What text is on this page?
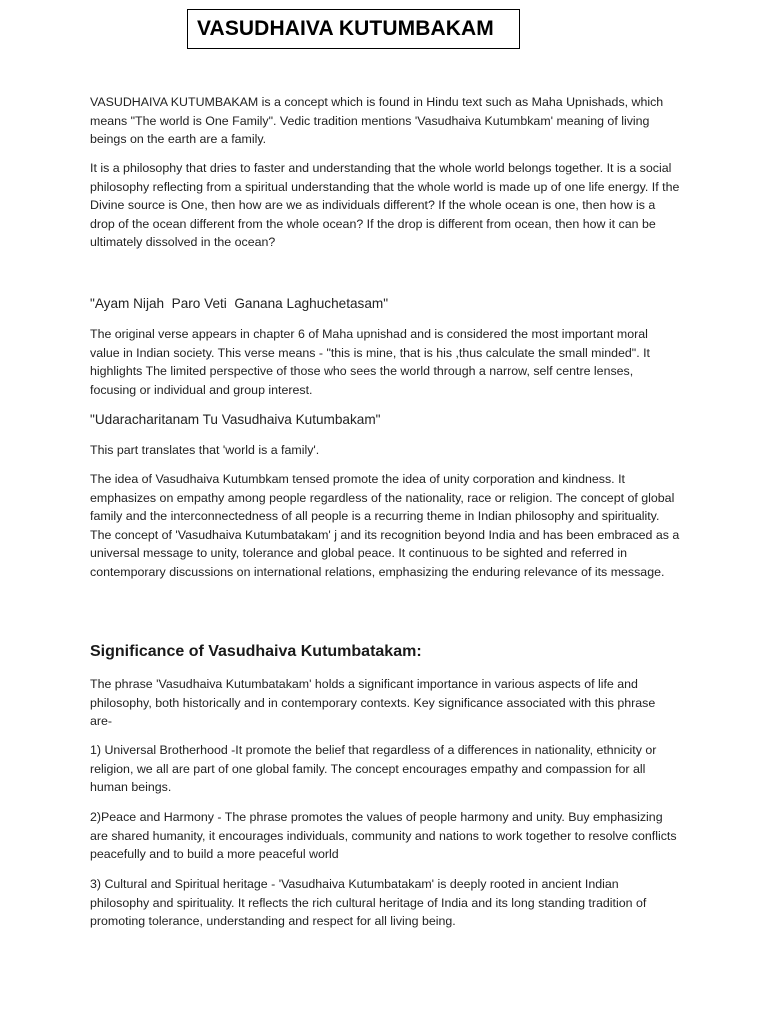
VASUDHAIVA KUTUMBAKAM

VASUDHAIVA KUTUMBAKAM is a concept which is found in Hindu text such as Maha Upnishads, which means "The world is One Family". Vedic tradition mentions 'Vasudhaiva Kutumbkam' meaning of living beings on the earth are a family.

It is a philosophy that dries to faster and understanding that the whole world belongs together. It is a social philosophy reflecting from a spiritual understanding that the whole world is made up of one life energy. If the Divine source is One, then how are we as individuals different? If the whole ocean is one, then how is a drop of the ocean different from the whole ocean? If the drop is different from ocean, then how it can be ultimately dissolved in the ocean?

"Ayam Nijah  Paro Veti  Ganana Laghuchetasam"

The original verse appears in chapter 6 of Maha upnishad and is considered the most important moral value in Indian society. This verse means - "this is mine, that is his ,thus calculate the small minded". It highlights The limited perspective of those who sees the world through a narrow, self centre lenses, focusing or individual and group interest.

"Udaracharitanam Tu Vasudhaiva Kutumbakam"

This part translates that 'world is a family'.

The idea of Vasudhaiva Kutumbkam tensed promote the idea of unity corporation and kindness. It emphasizes on empathy among people regardless of the nationality, race or religion. The concept of global family and the interconnectedness of all people is a recurring theme in Indian philosophy and spirituality. The concept of 'Vasudhaiva Kutumbatakam' j and its recognition beyond India and has been embraced as a universal message to unity, tolerance and global peace. It continuous to be sighted and referred in contemporary discussions on international relations, emphasizing the enduring relevance of its message.

Significance of Vasudhaiva Kutumbatakam:

The phrase 'Vasudhaiva Kutumbatakam' holds a significant importance in various aspects of life and philosophy, both historically and in contemporary contexts. Key significance associated with this phrase are-

1) Universal Brotherhood -It promote the belief that regardless of a differences in nationality, ethnicity or religion, we all are part of one global family. The concept encourages empathy and compassion for all human beings.

2)Peace and Harmony - The phrase promotes the values of people harmony and unity. Buy emphasizing are shared humanity, it encourages individuals, community and nations to work together to resolve conflicts peacefully and to build a more peaceful world

3) Cultural and Spiritual heritage - 'Vasudhaiva Kutumbatakam' is deeply rooted in ancient Indian philosophy and spirituality. It reflects the rich cultural heritage of India and its long standing tradition of promoting tolerance, understanding and respect for all living being.
